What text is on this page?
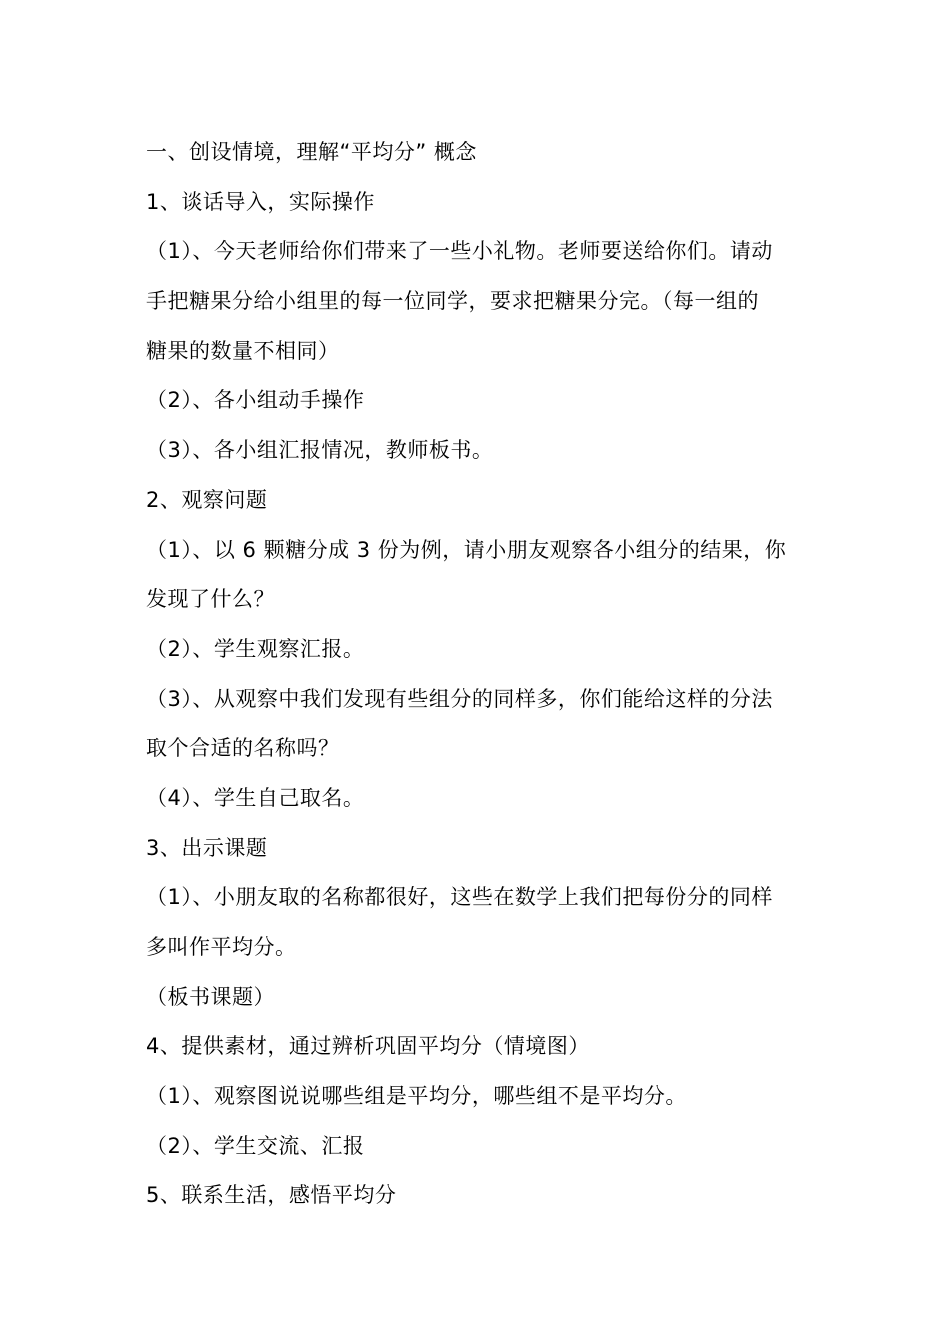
一、创设情境，理解“平均分” 概念
1、谈话导入，实际操作
（1）、今天老师给你们带来了一些小礼物。老师要送给你们。请动
手把糖果分给小组里的每一位同学，要求把糖果分完。（每一组的
糖果的数量不相同）
（2）、各小组动手操作
（3）、各小组汇报情况，教师板书。
2、观察问题
（1）、以 6 颗糖分成 3 份为例，请小朋友观察各小组分的结果，你
发现了什么？
（2）、学生观察汇报。
（3）、从观察中我们发现有些组分的同样多，你们能给这样的分法
取个合适的名称吗？
（4）、学生自己取名。
3、出示课题
（1）、小朋友取的名称都很好，这些在数学上我们把每份分的同样
多叫作平均分。
（板书课题）
4、提供素材，通过辨析巩固平均分（情境图）
（1）、观察图说说哪些组是平均分，哪些组不是平均分。
（2）、学生交流、汇报
5、联系生活，感悟平均分
